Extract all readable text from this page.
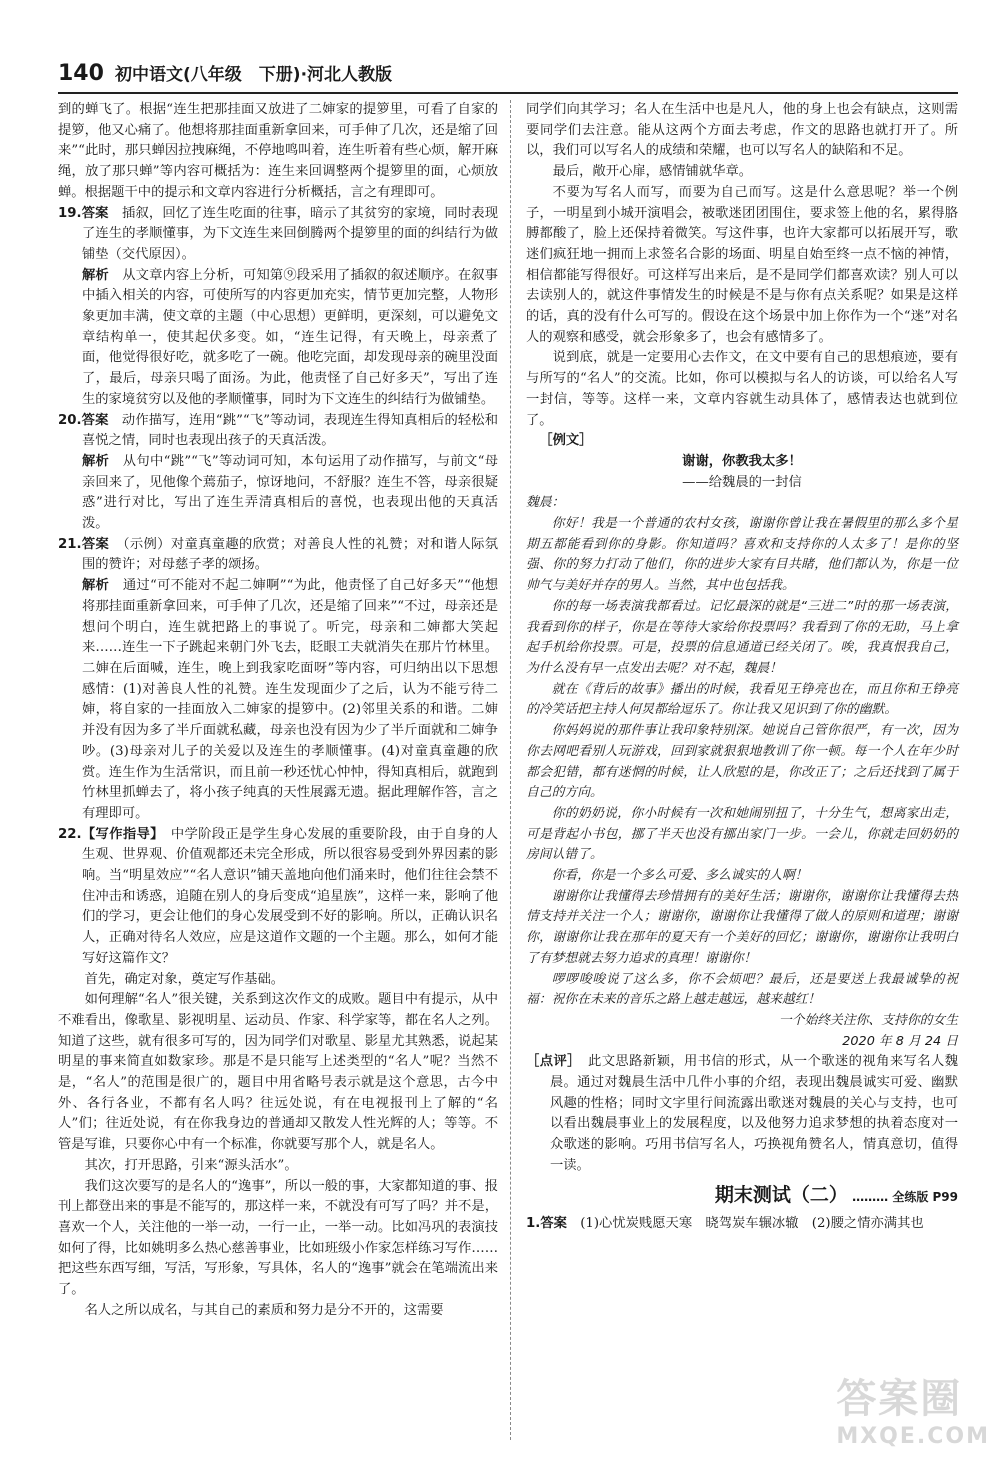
140 初中语文(八年级　下册)·河北人教版

到的蝉飞了。根据“连生把那挂面又放进了二婶家的提箩里，可看了自家的提箩，他又心痛了。他想将那挂面重新拿回来，可手伸了几次，还是缩了回来”“此时，那只蝉因拉拽麻绳，不停地鸣叫着，连生听着有些心烦，解开麻绳，放了那只蝉”等内容可概括为：连生来回调整两个提箩里的面，心烦放蝉。根据题干中的提示和文章内容进行分析概括，言之有理即可。

19.答案　 插叙，回忆了连生吃面的往事，暗示了其贫穷的家境，同时表现了连生的孝顺懂事，为下文连生来回倒腾两个提箩里的面的纠结行为做铺垫（交代原因）。

解析　 从文章内容上分析，可知第⑨段采用了插叙的叙述顺序。在叙事中插入相关的内容，可使所写的内容更加充实，情节更加完整，人物形象更加丰满，使文章的主题（中心思想）更鲜明，更深刻，可以避免文章结构单一，使其起伏多变。如，“连生记得，有天晚上，母亲煮了面，他觉得很好吃，就多吃了一碗。他吃完面，却发现母亲的碗里没面了，最后，母亲只喝了面汤。为此，他责怪了自己好多天”，写出了连生的家境贫穷以及他的孝顺懂事，同时为下文连生的纠结行为做铺垫。

20.答案　 动作描写，连用“跳”“飞”等动词，表现连生得知真相后的轻松和喜悦之情，同时也表现出孩子的天真活泼。

解析　 从句中“跳”“飞”等动词可知，本句运用了动作描写，与前文“母亲回来了，见他像个蔫茄子，惊讶地问，不舒服？连生不答，母亲很疑惑”进行对比，写出了连生弄清真相后的喜悦，也表现出他的天真活泼。

21.答案　 （示例）对童真童趣的欣赏；对善良人性的礼赞；对和谐人际氛围的赞许；对母慈子孝的颂扬。

解析　 通过“可不能对不起二婶啊”“为此，他责怪了自己好多天”“他想将那挂面重新拿回来，可手伸了几次，还是缩了回来”“不过，母亲还是想问个明白，连生就把路上的事说了。听完，母亲和二婶都大笑起来……连生一下子跳起来朝门外飞去，眨眼工夫就消失在那片竹林里。二婶在后面喊，连生，晚上到我家吃面呀”等内容，可归纳出以下思想感情：(1)对善良人性的礼赞。连生发现面少了之后，认为不能亏待二婶，将自家的一挂面放入二婶家的提箩中。(2)邻里关系的和谐。二婶并没有因为多了半斤面就私藏，母亲也没有因为少了半斤面就和二婶争吵。(3)母亲对儿子的关爱以及连生的孝顺懂事。(4)对童真童趣的欣赏。连生作为生活常识，而且前一秒还忧心忡忡，得知真相后，就跑到竹林里抓蝉去了，将小孩子纯真的天性展露无遗。据此理解作答，言之有理即可。

22.【写作指导】　 中学阶段正是学生身心发展的重要阶段，由于自身的人生观、世界观、价值观都还未完全形成，所以很容易受到外界因素的影响。当“明星效应”“名人意识”铺天盖地向他们涌来时，他们往往会禁不住冲击和诱惑，追随在别人的身后变成“追星族”，这样一来，影响了他们的学习，更会让他们的身心发展受到不好的影响。所以，正确认识名人，正确对待名人效应，应是这道作文题的一个主题。那么，如何才能写好这篇作文？

首先，确定对象，奠定写作基础。

如何理解“名人”很关键，关系到这次作文的成败。题目中有提示，从中不难看出，像歌星、影视明星、运动员、作家、科学家等，都在名人之列。知道了这些，就有很多可写的，因为同学们对歌星、影星尤其熟悉，说起某明星的事来简直如数家珍。那是不是只能写上述类型的“名人”呢？当然不是，“名人”的范围是很广的，题目中用省略号表示就是这个意思，古今中外、各行各业，不都有名人吗？往远处说，有在电视报刊上了解的“名人”们；往近处说，有在你我身边的普通却又散发人性光辉的人；等等。不管是写谁，只要你心中有一个标准，你就要写那个人，就是名人。

其次，打开思路，引来“源头活水”。

我们这次要写的是名人的“逸事”，所以一般的事，大家都知道的事、报刊上都登出来的事是不能写的，那这样一来，不就没有可写了吗？并不是，喜欢一个人，关注他的一举一动，一行一止，一举一动。比如冯巩的表演技如何了得，比如姚明多么热心慈善事业，比如班级小作家怎样练习写作……把这些东西写细，写活，写形象，写具体，名人的“逸事”就会在笔端流出来了。

名人之所以成名，与其自己的素质和努力是分不开的，这需要

同学们向其学习；名人在生活中也是凡人，他的身上也会有缺点，这则需要同学们去注意。能从这两个方面去考虑，作文的思路也就打开了。所以，我们可以写名人的成绩和荣耀，也可以写名人的缺陷和不足。

最后，敞开心扉，感情铺就华章。

不要为写名人而写，而要为自己而写。这是什么意思呢？举一个例子，一明星到小城开演唱会，被歌迷团团围住，要求签上他的名，累得胳膊都酸了，脸上还保持着微笑。写这件事，也许大家都可以拓展开写，歌迷们疯狂地一拥而上求签名合影的场面、明星自始至终一点不恼的神情，相信都能写得很好。可这样写出来后，是不是同学们都喜欢读？别人可以去读别人的，就这件事情发生的时候是不是与你有点关系呢？如果是这样的话，真的没有什么可写的。假设在这个场景中加上你作为一个“迷”对名人的观察和感受，就会形象多了，也会有感情多了。

说到底，就是一定要用心去作文，在文中要有自己的思想痕迹，要有与所写的“名人”的交流。比如，你可以模拟与名人的访谈，可以给名人写一封信，等等。这样一来，文章内容就生动具体了，感情表达也就到位了。

［例文］

谢谢，你教我太多！

——给魏晨的一封信

魏晨：

你好！我是一个普通的农村女孩，谢谢你曾让我在暑假里的那么多个星期五都能看到你的身影。你知道吗？喜欢和支持你的人太多了！是你的坚强、你的努力打动了他们，你的进步大家有目共睹，他们都认为，你是一位帅气与美好并存的男人。当然，其中也包括我。

你的每一场表演我都看过。记忆最深的就是“三进二”时的那一场表演，我看到你的样子，你是在等待大家给你投票吗？我看到了你的无助，马上拿起手机给你投票。可是，投票的信息通道已经关闭了。唉，我真恨我自己，为什么没有早一点发出去呢？对不起，魏晨！

就在《背后的故事》播出的时候，我看见王铮亮也在，而且你和王铮亮的冷笑话把主持人何炅都给逗乐了。你让我又见识到了你的幽默。

你妈妈说的那件事让我印象特别深。她说自己管你很严，有一次，因为你去网吧看别人玩游戏，回到家就狠狠地教训了你一顿。每一个人在年少时都会犯错，都有迷惘的时候，让人欣慰的是，你改正了；之后还找到了属于自己的方向。

你的奶奶说，你小时候有一次和她闹别扭了，十分生气，想离家出走，可是背起小书包，挪了半天也没有挪出家门一步。一会儿，你就走回奶奶的房间认错了。

你看，你是一个多么可爱、多么诚实的人啊！

谢谢你让我懂得去珍惜拥有的美好生活；谢谢你，谢谢你让我懂得去热情支持并关注一个人；谢谢你，谢谢你让我懂得了做人的原则和道理；谢谢你，谢谢你让我在那年的夏天有一个美好的回忆；谢谢你，谢谢你让我明白了有梦想就去努力追求的真理！谢谢你！

啰啰唆唆说了这么多，你不会烦吧？最后，还是要送上我最诚挚的祝福：祝你在未来的音乐之路上越走越远，越来越红！

一个始终关注你、支持你的女生

2020 年 8 月 24 日

［点评］　 此文思路新颖，用书信的形式，从一个歌迷的视角来写名人魏晨。通过对魏晨生活中几件小事的介绍，表现出魏晨诚实可爱、幽默风趣的性格；同时文字里行间流露出歌迷对魏晨的关心与支持，也可以看出魏晨事业上的发展程度，以及他努力追求梦想的执着态度对一众歌迷的影响。巧用书信写名人，巧换视角赞名人，情真意切，值得一读。

期末测试（二） ……… 全练版 P99

1.答案　 (1)心忧炭贱愿天寒　晓驾炭车辗冰辙　(2)腰之情亦满其也

答案圈
MXQE.COM
